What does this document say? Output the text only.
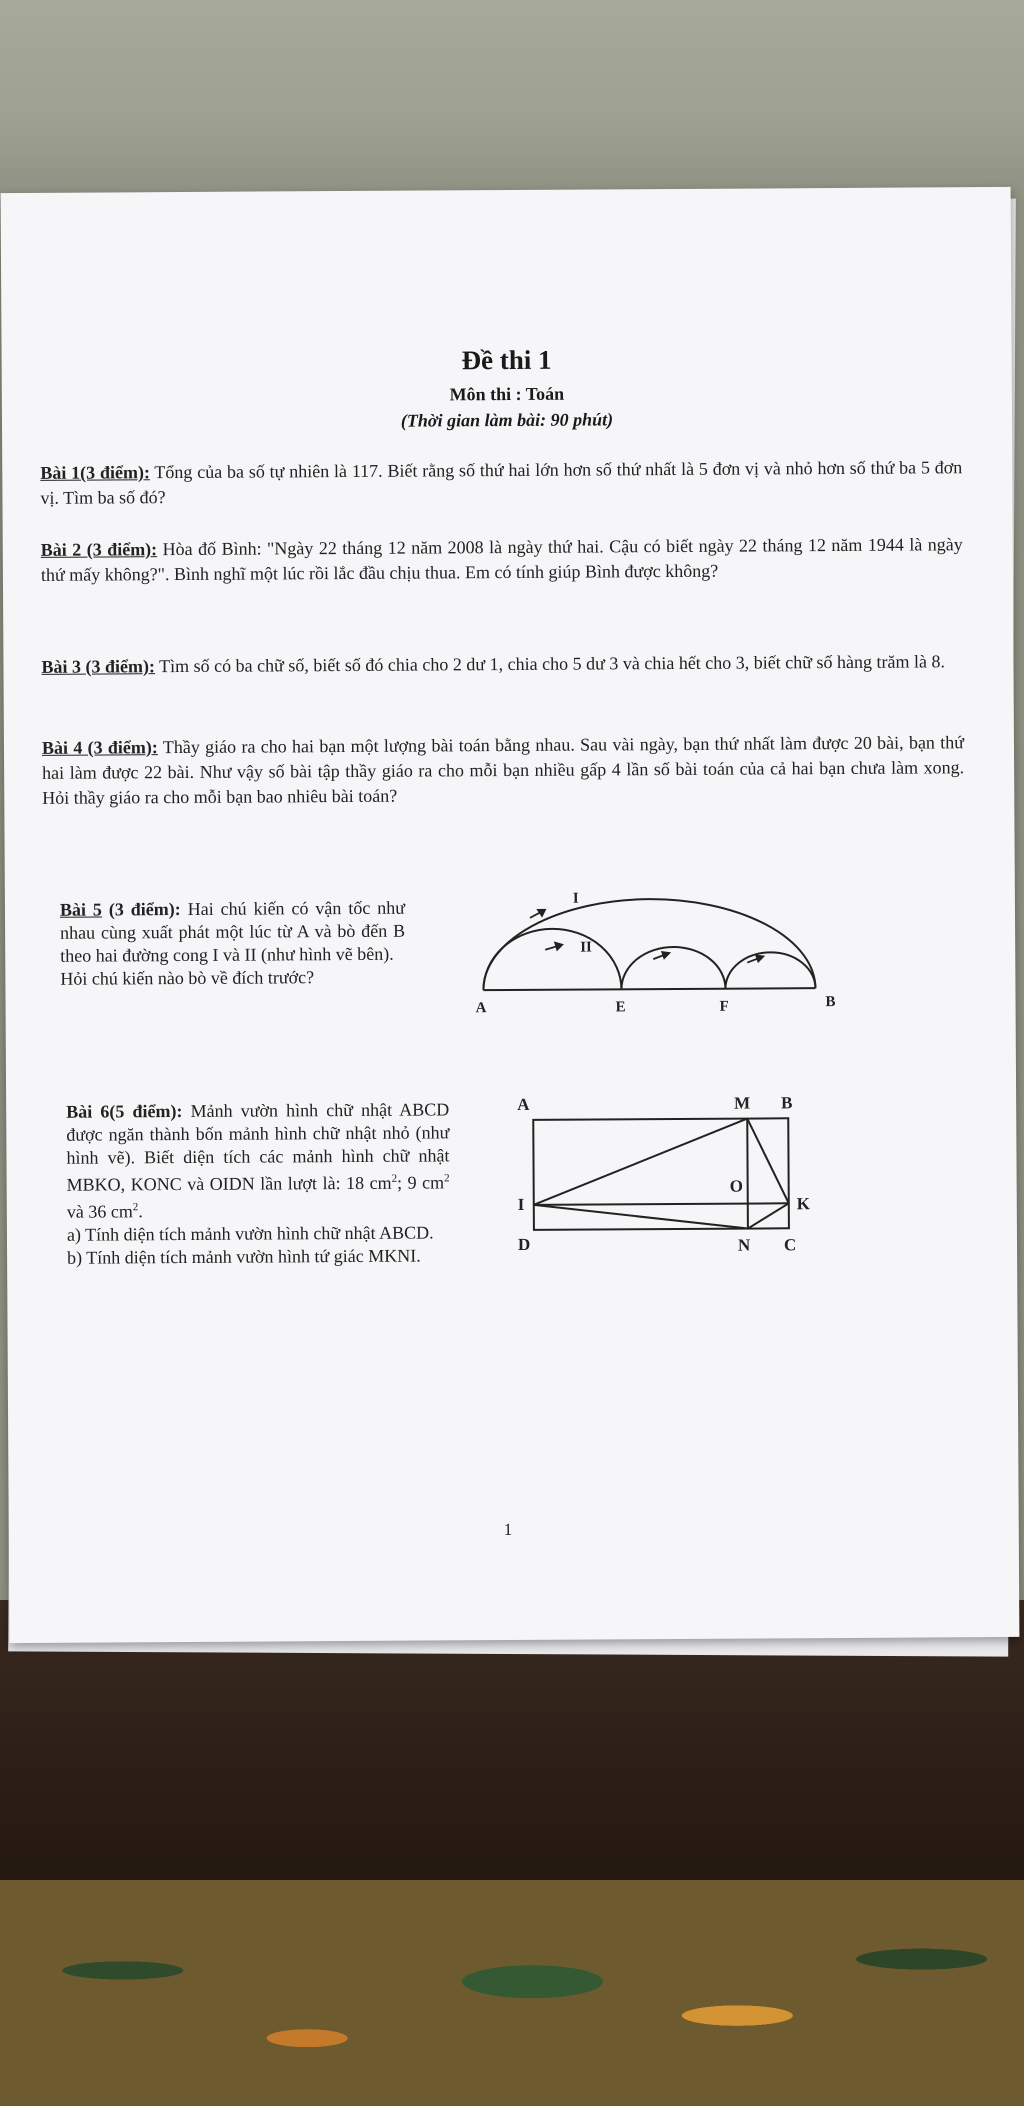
Đề thi 1
Môn thi : Toán
(Thời gian làm bài: 90 phút)
Bài 1(3 điểm): Tổng của ba số tự nhiên là 117. Biết rằng số thứ hai lớn hơn số thứ nhất là 5 đơn vị và nhỏ hơn số thứ ba 5 đơn vị. Tìm ba số đó?
Bài 2 (3 điểm): Hòa đố Bình: "Ngày 22 tháng 12 năm 2008 là ngày thứ hai. Cậu có biết ngày 22 tháng 12 năm 1944 là ngày thứ mấy không?". Bình nghĩ một lúc rồi lắc đầu chịu thua. Em có tính giúp Bình được không?
Bài 3 (3 điểm): Tìm số có ba chữ số, biết số đó chia cho 2 dư 1, chia cho 5 dư 3 và chia hết cho 3, biết chữ số hàng trăm là 8.
Bài 4 (3 điểm): Thầy giáo ra cho hai bạn một lượng bài toán bằng nhau. Sau vài ngày, bạn thứ nhất làm được 20 bài, bạn thứ hai làm được 22 bài. Như vậy số bài tập thầy giáo ra cho mỗi bạn nhiều gấp 4 lần số bài toán của cả hai bạn chưa làm xong. Hỏi thầy giáo ra cho mỗi bạn bao nhiêu bài toán?
Bài 5 (3 điểm): Hai chú kiến có vận tốc như nhau cùng xuất phát một lúc từ A và bò đến B theo hai đường cong I và II (như hình vẽ bên).
Hỏi chú kiến nào bò về đích trước?
A	E	F	B
I
II
Bài 6(5 điểm): Mảnh vườn hình chữ nhật ABCD được ngăn thành bốn mảnh hình chữ nhật nhỏ (như hình vẽ). Biết diện tích các mảnh hình chữ nhật MBKO, KONC và OIDN lần lượt là: 18 $cm^2$; 9 $cm^2$ và 36 $cm^2$.
a) Tính diện tích mảnh vườn hình chữ nhật ABCD.
b) Tính diện tích mảnh vườn hình tứ giác MKNI.
A	M B
I
O
K
D	N C
1
